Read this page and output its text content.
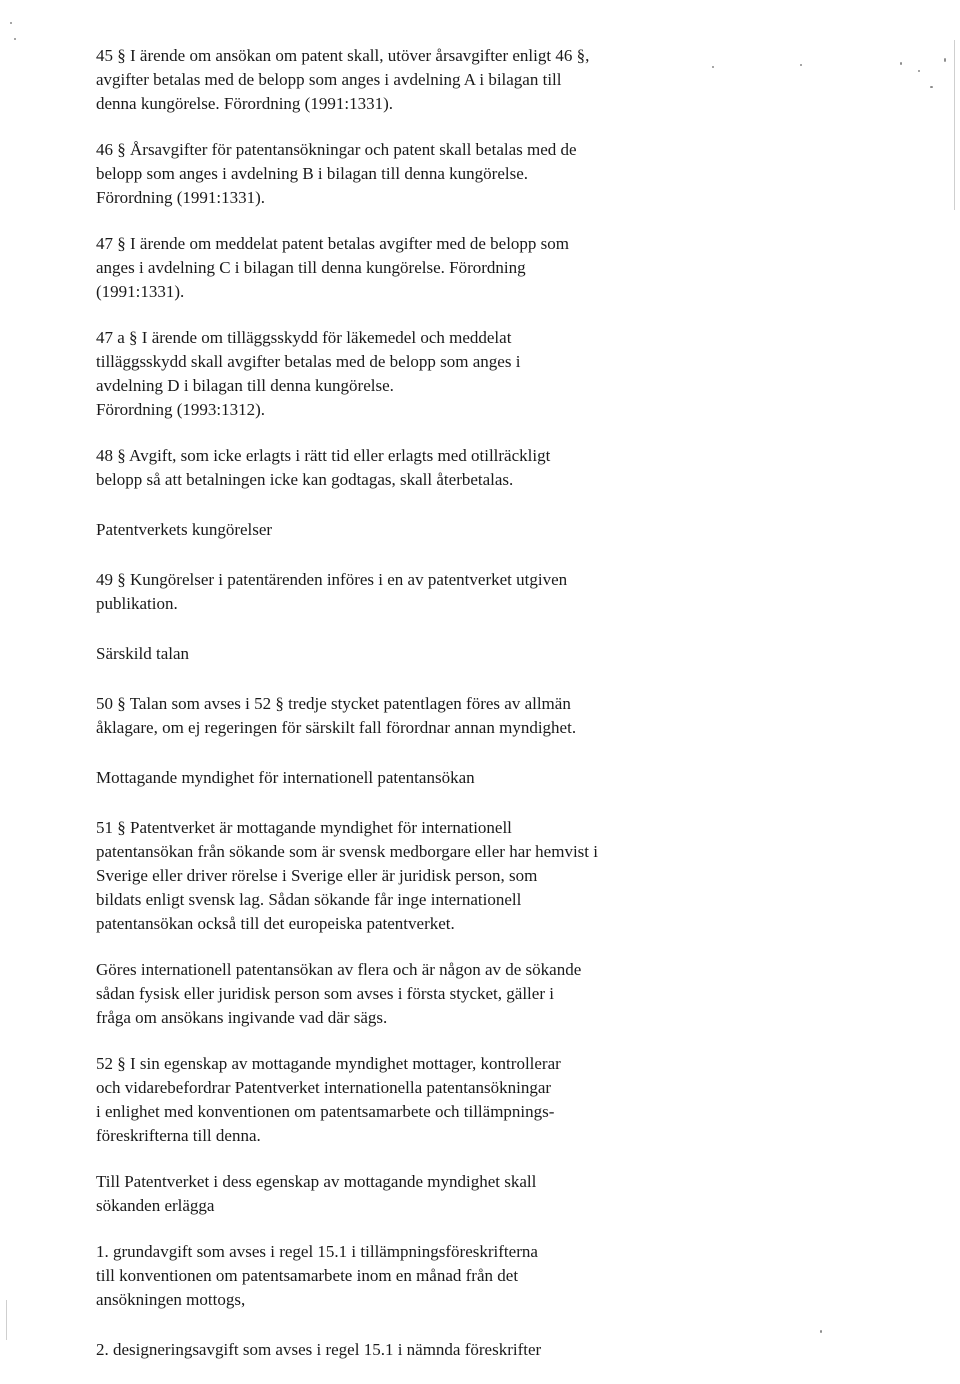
45 § I ärende om ansökan om patent skall, utöver årsavgifter enligt 46 §,
avgifter betalas med de belopp som anges i avdelning A i bilagan till
denna kungörelse. Förordning (1991:1331).
46 § Årsavgifter för patentansökningar och patent skall betalas med de
belopp som anges i avdelning B i bilagan till denna kungörelse.
Förordning (1991:1331).
47 § I ärende om meddelat patent betalas avgifter med de belopp som
anges i avdelning C i bilagan till denna kungörelse. Förordning
(1991:1331).
47 a § I ärende om tilläggsskydd för läkemedel och meddelat
tilläggsskydd skall avgifter betalas med de belopp som anges i
avdelning D i bilagan till denna kungörelse.
Förordning (1993:1312).
48 § Avgift, som icke erlagts i rätt tid eller erlagts med otillräckligt
belopp så att betalningen icke kan godtagas, skall återbetalas.
Patentverkets kungörelser
49 § Kungörelser i patentärenden införes i en av patentverket utgiven
publikation.
Särskild talan
50 § Talan som avses i 52 § tredje stycket patentlagen föres av allmän
åklagare, om ej regeringen för särskilt fall förordnar annan myndighet.
Mottagande myndighet för internationell patentansökan
51 § Patentverket är mottagande myndighet för internationell
patentansökan från sökande som är svensk medborgare eller har hemvist i
Sverige eller driver rörelse i Sverige eller är juridisk person, som
bildats enligt svensk lag. Sådan sökande får inge internationell
patentansökan också till det europeiska patentverket.
Göres internationell patentansökan av flera och är någon av de sökande
sådan fysisk eller juridisk person som avses i första stycket, gäller i
fråga om ansökans ingivande vad där sägs.
52 § I sin egenskap av mottagande myndighet mottager, kontrollerar
och vidarebefordrar Patentverket internationella patentansökningar
i enlighet med konventionen om patentsamarbete och tillämpnings-
föreskrifterna till denna.
Till Patentverket i dess egenskap av mottagande myndighet skall
sökanden erlägga
1. grundavgift som avses i regel 15.1 i tillämpningsföreskrifterna
till konventionen om patentsamarbete inom en månad från det
ansökningen mottogs,
2. designeringsavgift som avses i regel 15.1 i nämnda föreskrifter
